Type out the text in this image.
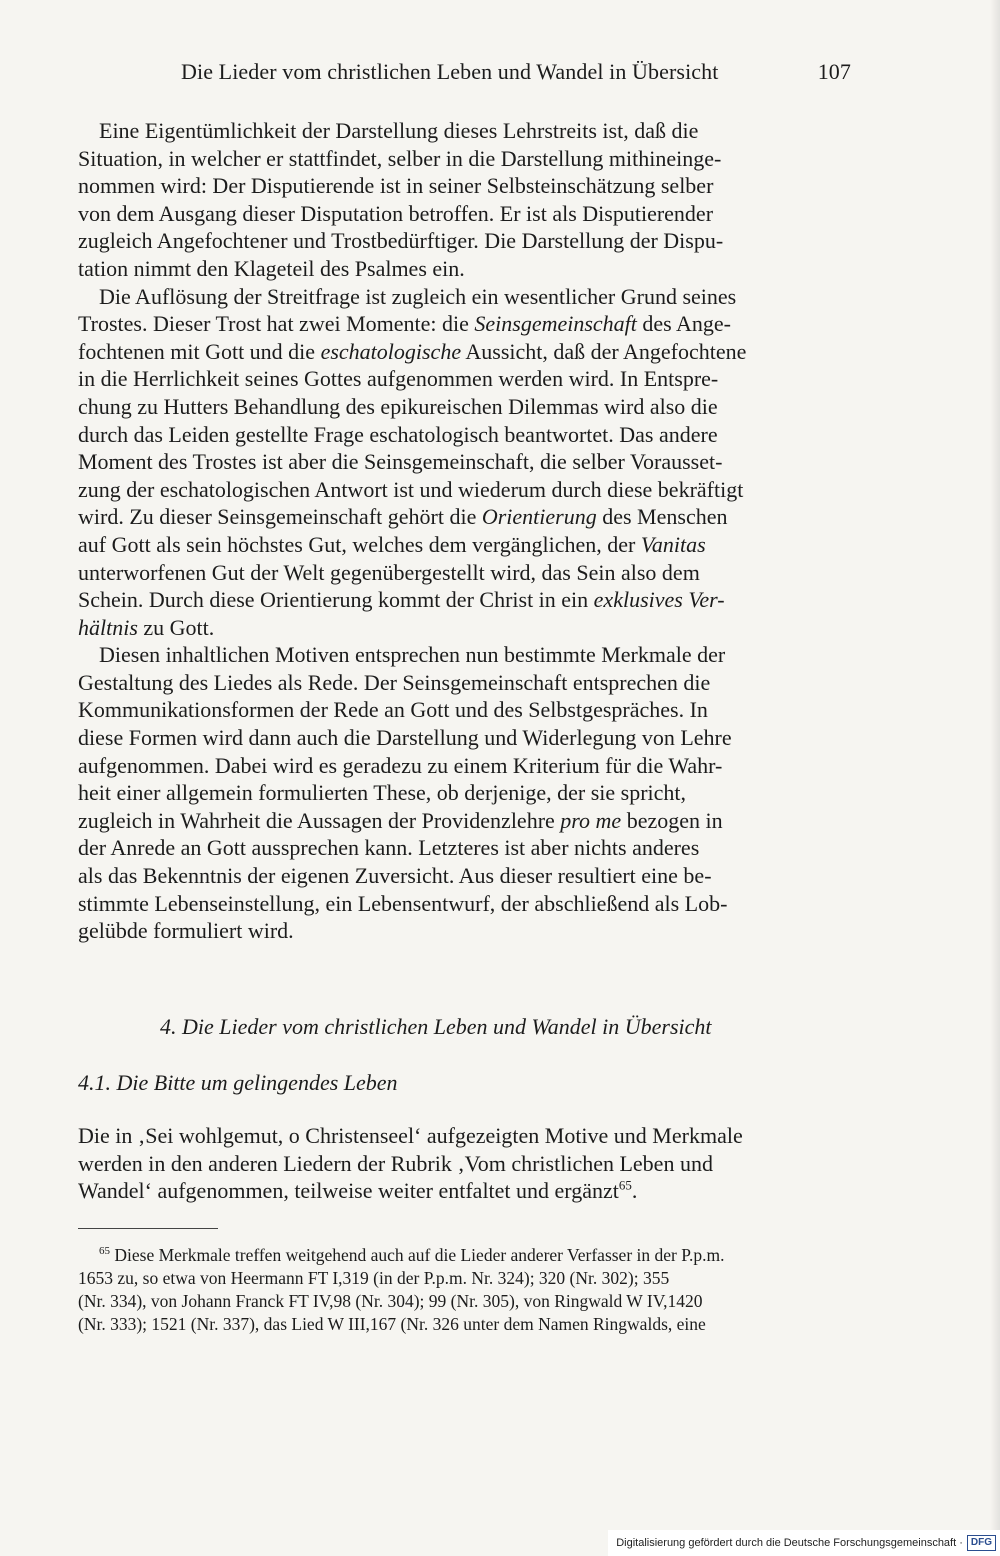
Die Lieder vom christlichen Leben und Wandel in Übersicht	107

Eine Eigentümlichkeit der Darstellung dieses Lehrstreits ist, daß die
Situation, in welcher er stattfindet, selber in die Darstellung mithineinge-
nommen wird: Der Disputierende ist in seiner Selbsteinschätzung selber
von dem Ausgang dieser Disputation betroffen. Er ist als Disputierender
zugleich Angefochtener und Trostbedürftiger. Die Darstellung der Dispu-
tation nimmt den Klageteil des Psalmes ein.

Die Auflösung der Streitfrage ist zugleich ein wesentlicher Grund seines
Trostes. Dieser Trost hat zwei Momente: die Seinsgemeinschaft des Ange-
fochtenen mit Gott und die eschatologische Aussicht, daß der Angefochtene
in die Herrlichkeit seines Gottes aufgenommen werden wird. In Entspre-
chung zu Hutters Behandlung des epikureischen Dilemmas wird also die
durch das Leiden gestellte Frage eschatologisch beantwortet. Das andere
Moment des Trostes ist aber die Seinsgemeinschaft, die selber Vorausset-
zung der eschatologischen Antwort ist und wiederum durch diese bekräftigt
wird. Zu dieser Seinsgemeinschaft gehört die Orientierung des Menschen
auf Gott als sein höchstes Gut, welches dem vergänglichen, der Vanitas
unterworfenen Gut der Welt gegenübergestellt wird, das Sein also dem
Schein. Durch diese Orientierung kommt der Christ in ein exklusives Ver-
hältnis zu Gott.

Diesen inhaltlichen Motiven entsprechen nun bestimmte Merkmale der
Gestaltung des Liedes als Rede. Der Seinsgemeinschaft entsprechen die
Kommunikationsformen der Rede an Gott und des Selbstgespräches. In
diese Formen wird dann auch die Darstellung und Widerlegung von Lehre
aufgenommen. Dabei wird es geradezu zu einem Kriterium für die Wahr-
heit einer allgemein formulierten These, ob derjenige, der sie spricht,
zugleich in Wahrheit die Aussagen der Providenzlehre pro me bezogen in
der Anrede an Gott aussprechen kann. Letzteres ist aber nichts anderes
als das Bekenntnis der eigenen Zuversicht. Aus dieser resultiert eine be-
stimmte Lebenseinstellung, ein Lebensentwurf, der abschließend als Lob-
gelübde formuliert wird.

4. Die Lieder vom christlichen Leben und Wandel in Übersicht
4.1. Die Bitte um gelingendes Leben

Die in ‚Sei wohlgemut, o Christenseel‘ aufgezeigten Motive und Merkmale
werden in den anderen Liedern der Rubrik ‚Vom christlichen Leben und
Wandel‘ aufgenommen, teilweise weiter entfaltet und ergänzt$^{65}$.

$^{65}$ Diese Merkmale treffen weitgehend auch auf die Lieder anderer Verfasser in der P.p.m.
1653 zu, so etwa von Heermann FT I,319 (in der P.p.m. Nr. 324); 320 (Nr. 302); 355
(Nr. 334), von Johann Franck FT IV,98 (Nr. 304); 99 (Nr. 305), von Ringwald W IV,1420
(Nr. 333); 1521 (Nr. 337), das Lied W III,167 (Nr. 326 unter dem Namen Ringwalds, eine

Digitalisierung gefördert durch die Deutsche Forschungsgemeinschaft · DFG
